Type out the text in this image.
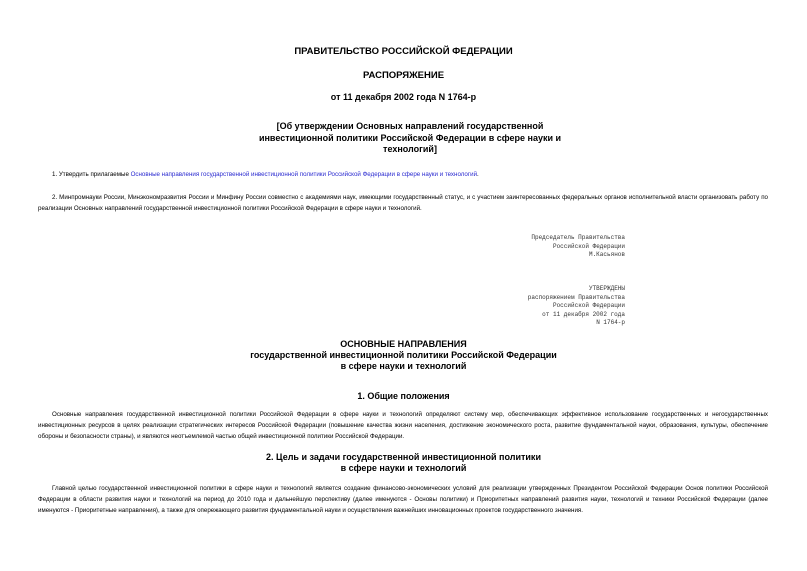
ПРАВИТЕЛЬСТВО РОССИЙСКОЙ ФЕДЕРАЦИИ
РАСПОРЯЖЕНИЕ
от 11 декабря 2002 года N 1764-р
[Об утверждении Основных направлений государственной
инвестиционной политики Российской Федерации в сфере науки и
технологий]
1. Утвердить прилагаемые Основные направления государственной инвестиционной политики Российской Федерации в сфере науки и технологий.
2. Минпромнауки России, Минэкономразвития России и Минфину России совместно с академиями наук, имеющими государственный статус, и с участием заинтересованных федеральных органов исполнительной власти организовать работу по реализации Основных направлений государственной инвестиционной политики Российской Федерации в сфере науки и технологий.
Председатель Правительства
Российской Федерации
М.Касьянов
УТВЕРЖДЕНЫ
распоряжением Правительства
Российской Федерации
от 11 декабря 2002 года
N 1764-р
ОСНОВНЫЕ НАПРАВЛЕНИЯ
государственной инвестиционной политики Российской Федерации
в сфере науки и технологий
1. Общие положения
Основные направления государственной инвестиционной политики Российской Федерации в сфере науки и технологий определяют систему мер, обеспечивающих эффективное использование государственных и негосударственных инвестиционных ресурсов в целях реализации стратегических интересов Российской Федерации (повышение качества жизни населения, достижение экономического роста, развитие фундаментальной науки, образования, культуры, обеспечение обороны и безопасности страны), и являются неотъемлемой частью общей инвестиционной политики Российской Федерации.
2. Цель и задачи государственной инвестиционной политики
в сфере науки и технологий
Главной целью государственной инвестиционной политики в сфере науки и технологий является создание финансово-экономических условий для реализации утвержденных Президентом Российской Федерации Основ политики Российской Федерации в области развития науки и технологий на период до 2010 года и дальнейшую перспективу (далее именуются - Основы политики) и Приоритетных направлений развития науки, технологий и техники Российской Федерации (далее именуются - Приоритетные направления), а также для опережающего развития фундаментальной науки и осуществления важнейших инновационных проектов государственного значения.
